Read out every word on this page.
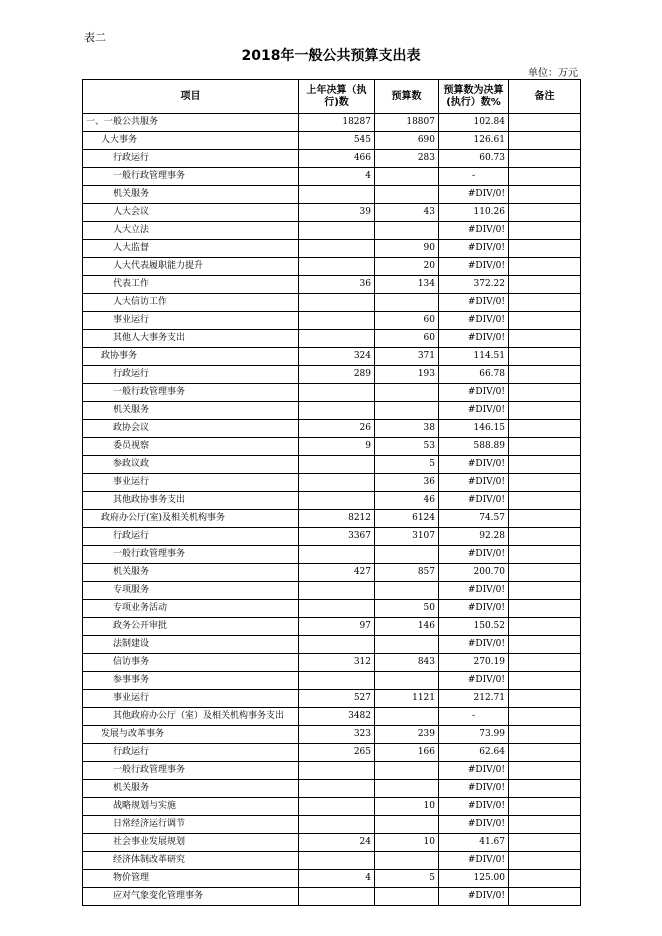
表二
2018年一般公共预算支出表
单位：万元
项目	上年决算（执行)数	预算数	预算数为决算(执行）数%	备注
一、一般公共服务	18287	18807	102.84	
人大事务	545	690	126.61	
行政运行	466	283	60.73	
一般行政管理事务	4		-	
机关服务			#DIV/0!	
人大会议	39	43	110.26	
人大立法			#DIV/0!	
人大监督		90	#DIV/0!	
人大代表履职能力提升		20	#DIV/0!	
代表工作	36	134	372.22	
人大信访工作			#DIV/0!	
事业运行		60	#DIV/0!	
其他人大事务支出		60	#DIV/0!	
政协事务	324	371	114.51	
行政运行	289	193	66.78	
一般行政管理事务			#DIV/0!	
机关服务			#DIV/0!	
政协会议	26	38	146.15	
委员视察	9	53	588.89	
参政议政		5	#DIV/0!	
事业运行		36	#DIV/0!	
其他政协事务支出		46	#DIV/0!	
政府办公厅(室)及相关机构事务	8212	6124	74.57	
行政运行	3367	3107	92.28	
一般行政管理事务			#DIV/0!	
机关服务	427	857	200.70	
专项服务			#DIV/0!	
专项业务活动		50	#DIV/0!	
政务公开审批	97	146	150.52	
法制建设			#DIV/0!	
信访事务	312	843	270.19	
参事事务			#DIV/0!	
事业运行	527	1121	212.71	
其他政府办公厅（室）及相关机构事务支出	3482		-	
发展与改革事务	323	239	73.99	
行政运行	265	166	62.64	
一般行政管理事务			#DIV/0!	
机关服务			#DIV/0!	
战略规划与实施		10	#DIV/0!	
日常经济运行调节			#DIV/0!	
社会事业发展规划	24	10	41.67	
经济体制改革研究			#DIV/0!	
物价管理	4	5	125.00	
应对气象变化管理事务			#DIV/0!	
